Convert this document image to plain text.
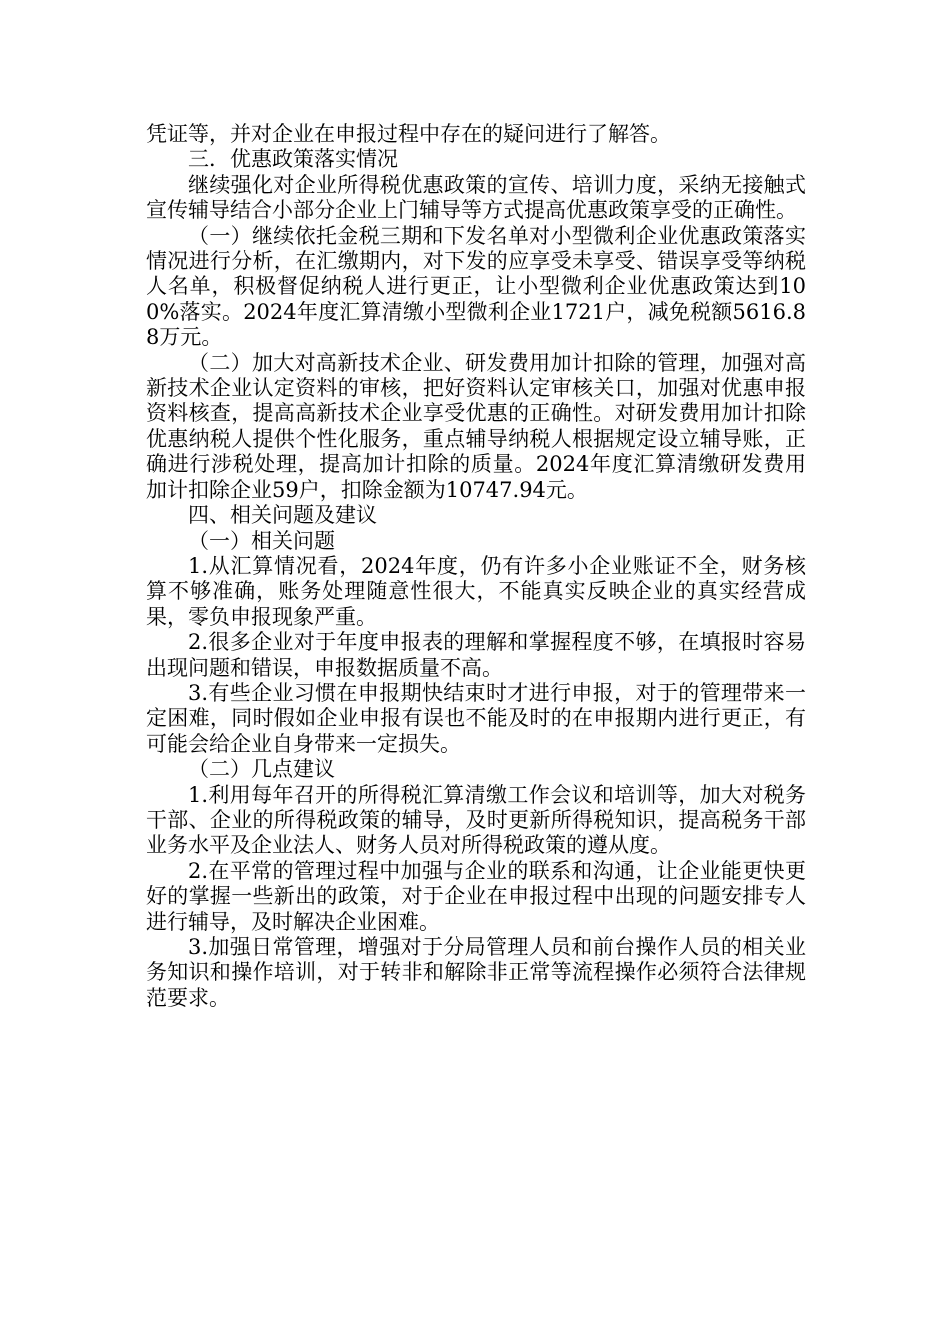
凭证等，并对企业在申报过程中存在的疑问进行了解答。

三．优惠政策落实情况

继续强化对企业所得税优惠政策的宣传、培训力度，采纳无接触式宣传辅导结合小部分企业上门辅导等方式提高优惠政策享受的正确性。

（一）继续依托金税三期和下发名单对小型微利企业优惠政策落实情况进行分析，在汇缴期内，对下发的应享受未享受、错误享受等纳税人名单，积极督促纳税人进行更正，让小型微利企业优惠政策达到100%落实。2024年度汇算清缴小型微利企业1721户，减免税额5616.88万元。

（二）加大对高新技术企业、研发费用加计扣除的管理，加强对高新技术企业认定资料的审核，把好资料认定审核关口，加强对优惠申报资料核查，提高高新技术企业享受优惠的正确性。对研发费用加计扣除优惠纳税人提供个性化服务，重点辅导纳税人根据规定设立辅导账，正确进行涉税处理，提高加计扣除的质量。2024年度汇算清缴研发费用加计扣除企业59户，扣除金额为10747.94元。

四、相关问题及建议

（一）相关问题

1.从汇算情况看，2024年度，仍有许多小企业账证不全，财务核算不够准确，账务处理随意性很大，不能真实反映企业的真实经营成果，零负申报现象严重。

2.很多企业对于年度申报表的理解和掌握程度不够，在填报时容易出现问题和错误，申报数据质量不高。

3.有些企业习惯在申报期快结束时才进行申报，对于的管理带来一定困难，同时假如企业申报有误也不能及时的在申报期内进行更正，有可能会给企业自身带来一定损失。

（二）几点建议

1.利用每年召开的所得税汇算清缴工作会议和培训等，加大对税务干部、企业的所得税政策的辅导，及时更新所得税知识，提高税务干部业务水平及企业法人、财务人员对所得税政策的遵从度。

2.在平常的管理过程中加强与企业的联系和沟通，让企业能更快更好的掌握一些新出的政策，对于企业在申报过程中出现的问题安排专人进行辅导，及时解决企业困难。

3.加强日常管理，增强对于分局管理人员和前台操作人员的相关业务知识和操作培训，对于转非和解除非正常等流程操作必须符合法律规范要求。
